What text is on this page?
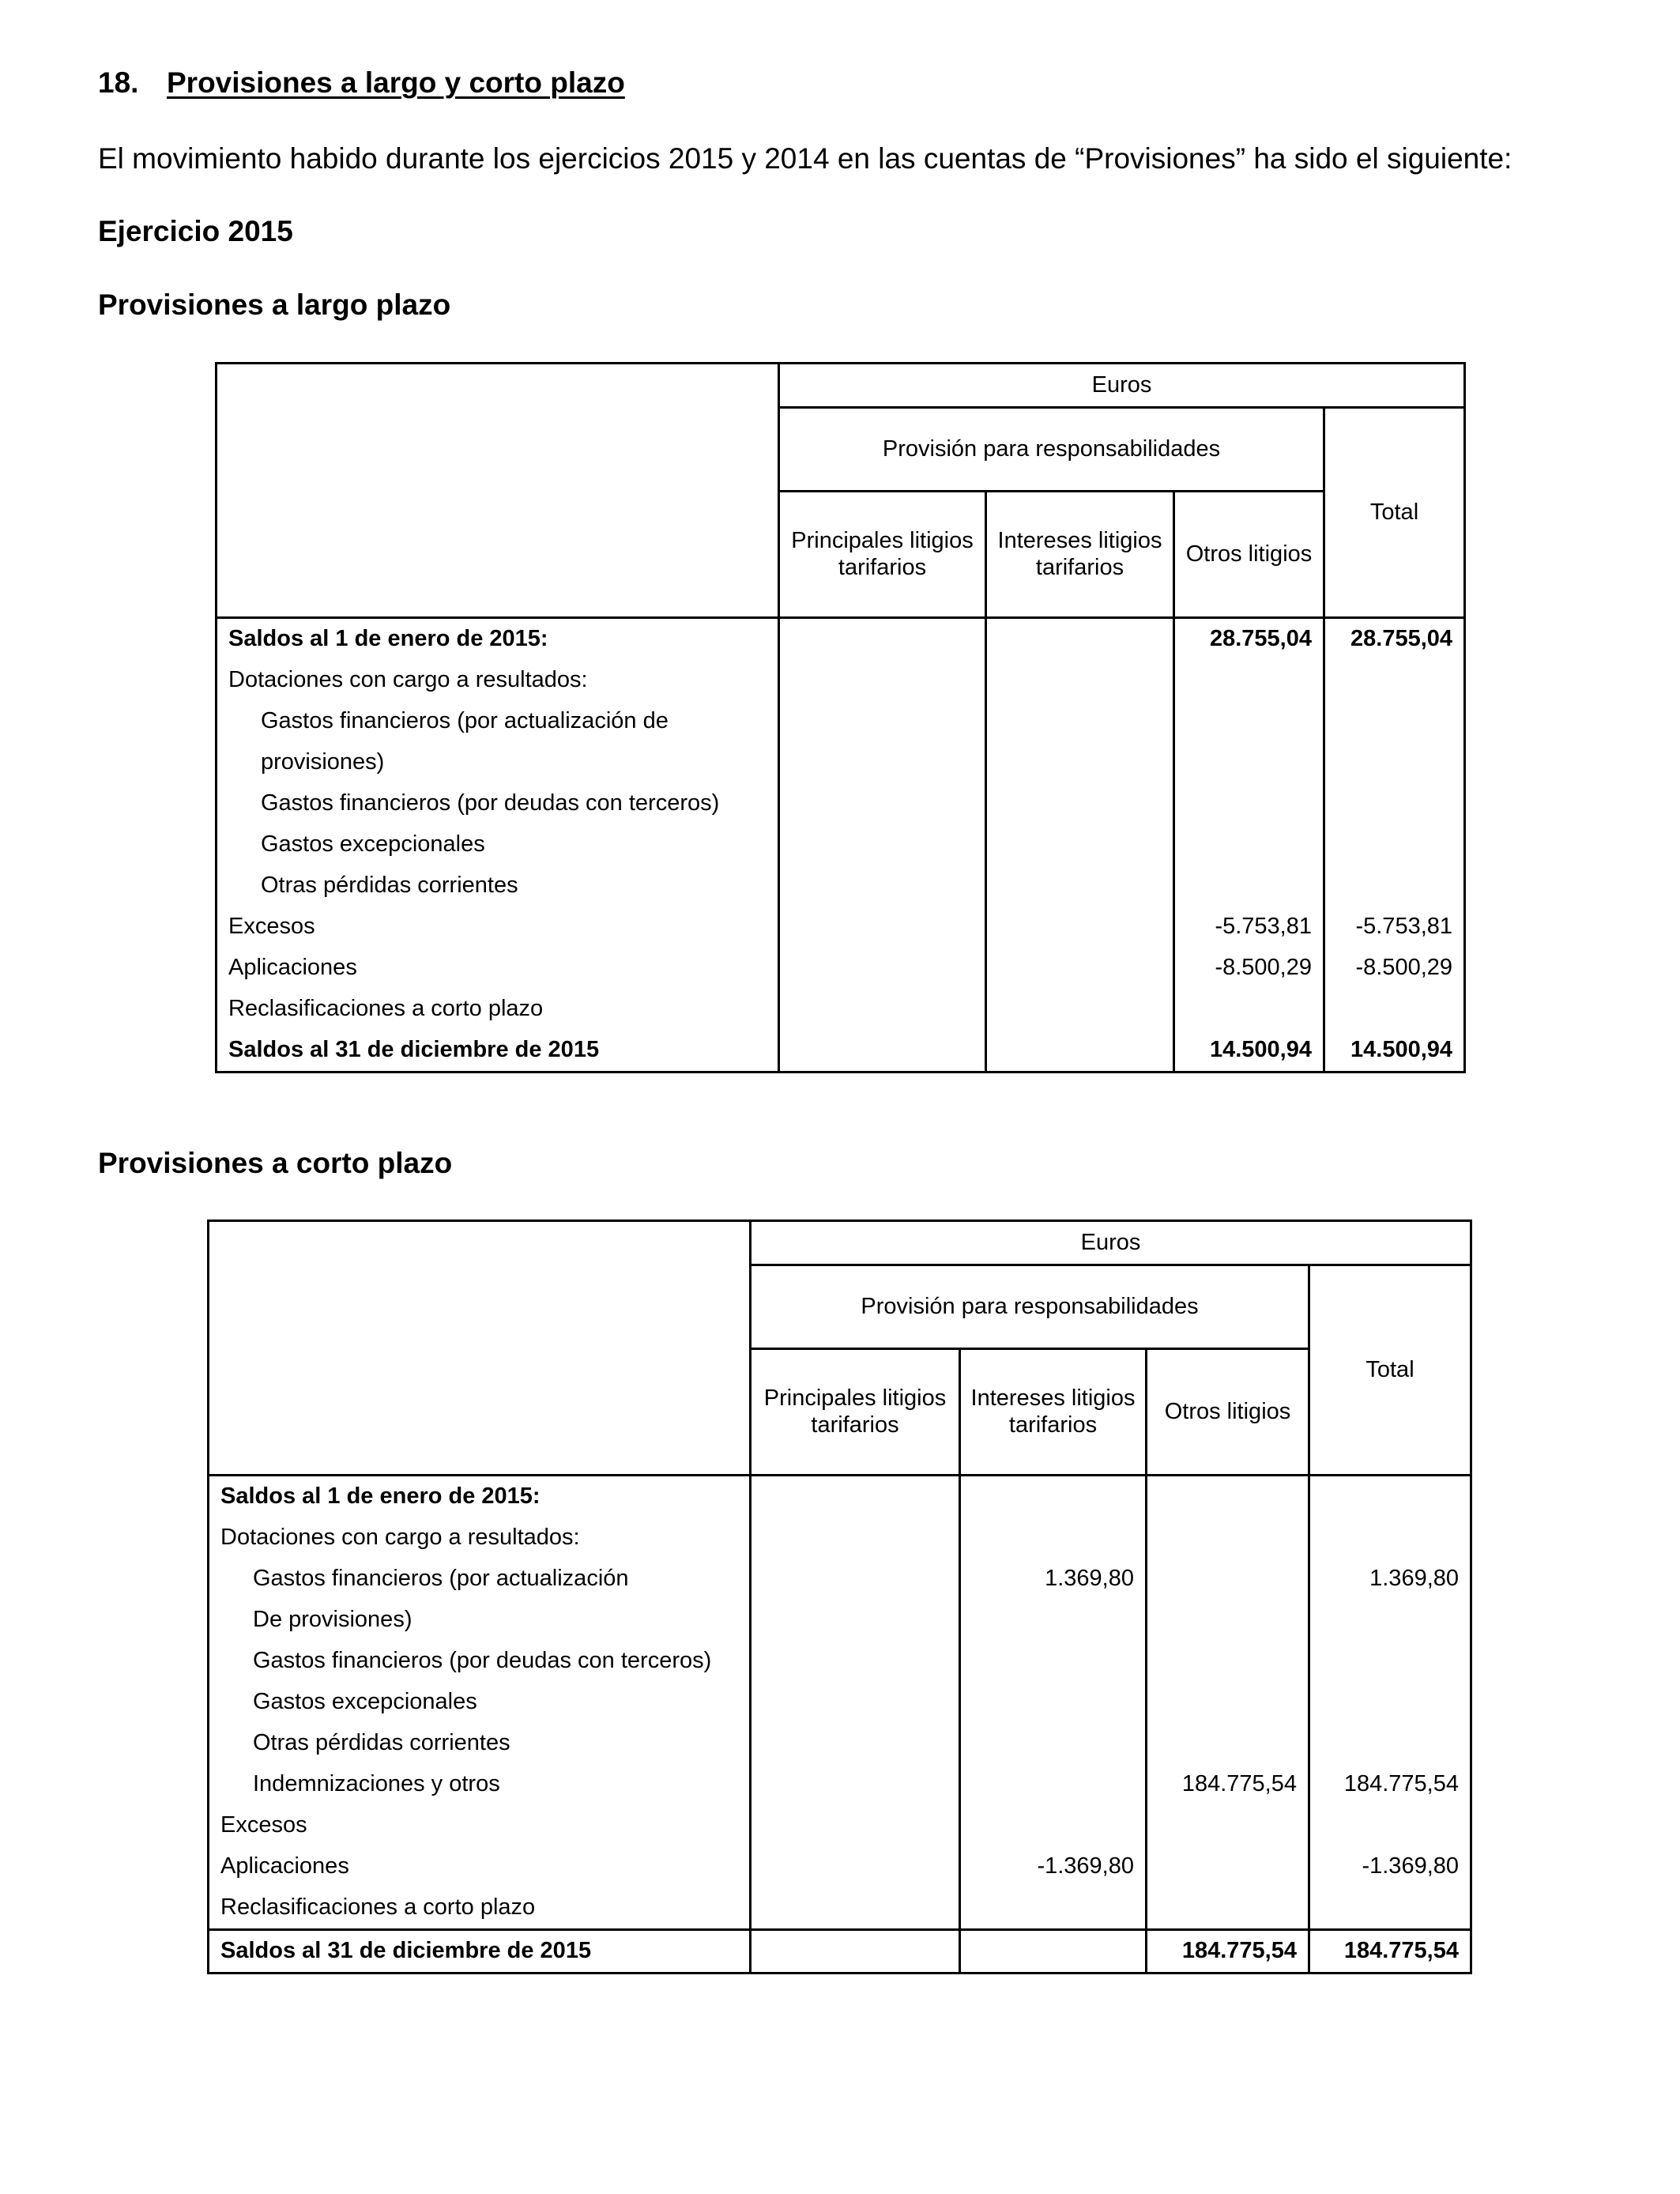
18. Provisiones a largo y corto plazo
El movimiento habido durante los ejercicios 2015 y 2014 en las cuentas de “Provisiones” ha sido el siguiente:
Ejercicio 2015
Provisiones a largo plazo
	Euros			
	Provisión para responsabilidades			Total
	Principales litigios tarifarios	Intereses litigios tarifarios	Otros litigios	
Saldos al 1 de enero de 2015:			28.755,04	28.755,04
Dotaciones con cargo a resultados:				
Gastos financieros (por actualización de				
provisiones)				
Gastos financieros (por deudas con terceros)				
Gastos excepcionales				
Otras pérdidas corrientes				
Excesos			-5.753,81	-5.753,81
Aplicaciones			-8.500,29	-8.500,29
Reclasificaciones a corto plazo				
Saldos al 31 de diciembre de 2015			14.500,94	14.500,94
Provisiones a corto plazo
	Euros			
	Provisión para responsabilidades			Total
	Principales litigios tarifarios	Intereses litigios tarifarios	Otros litigios	
Saldos al 1 de enero de 2015:				
Dotaciones con cargo a resultados:				
Gastos financieros (por actualización		1.369,80		1.369,80
De provisiones)				
Gastos financieros (por deudas con terceros)				
Gastos excepcionales				
Otras pérdidas corrientes				
Indemnizaciones y otros			184.775,54	184.775,54
Excesos				
Aplicaciones		-1.369,80		-1.369,80
Reclasificaciones a corto plazo				
Saldos al 31 de diciembre de 2015			184.775,54	184.775,54
